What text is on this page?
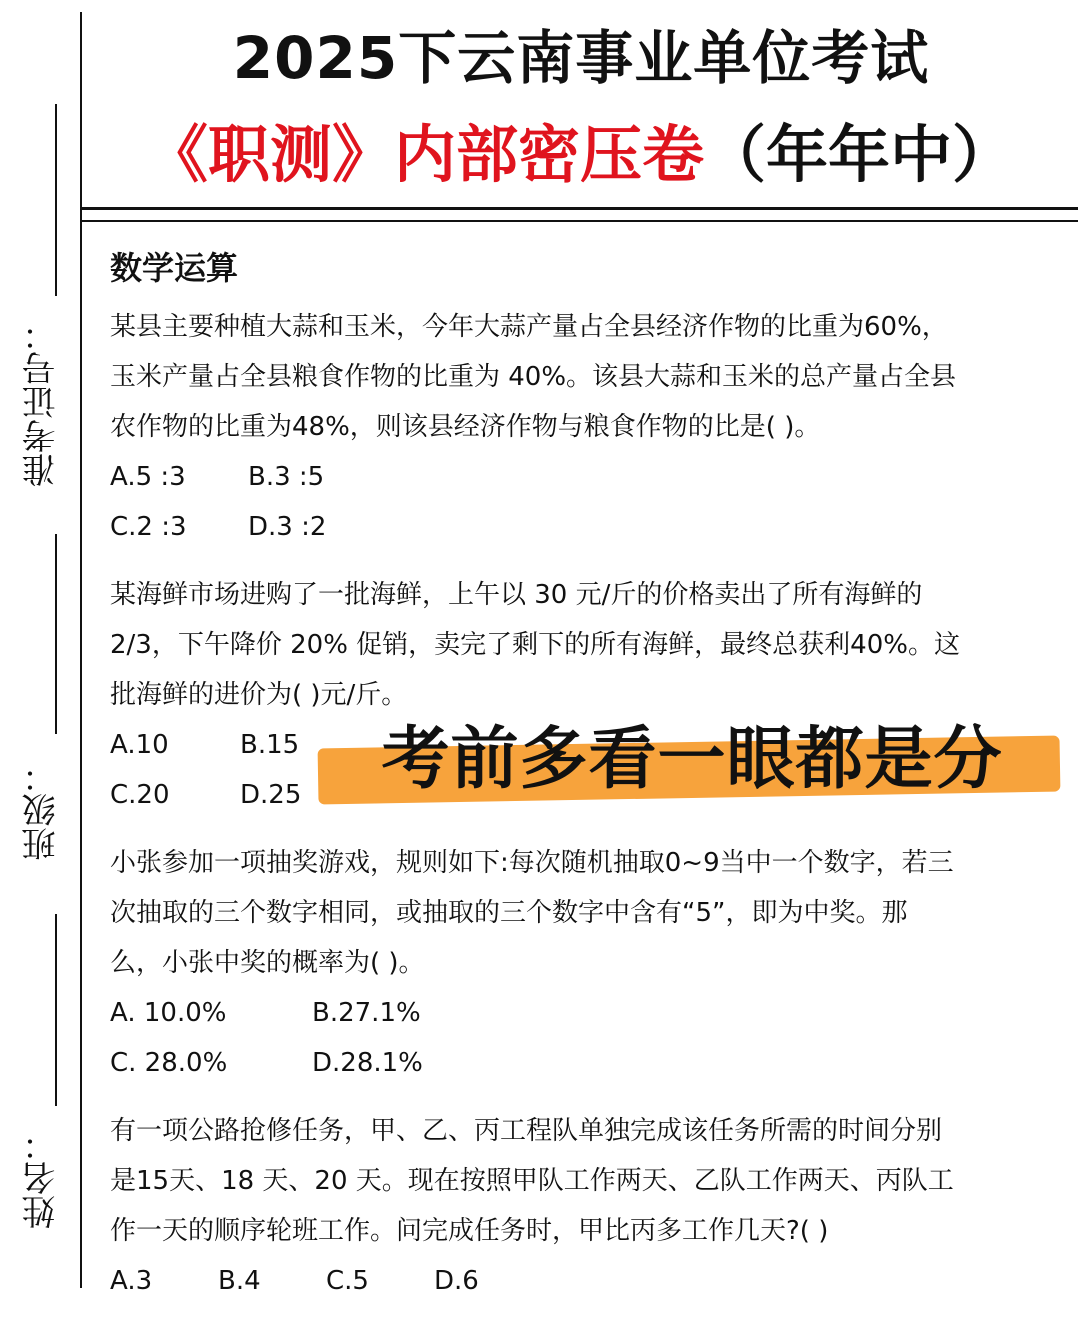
准考证号：
班级：
姓名：
2025下云南事业单位考试
《职测》内部密压卷（年年中）
数学运算

某县主要种植大蒜和玉米，今年大蒜产量占全县经济作物的比重为60%，
玉米产量占全县粮食作物的比重为 40%。该县大蒜和玉米的总产量占全县
农作物的比重为48%，则该县经济作物与粮食作物的比是( )。

A.5 :3	B.3 :5
C.2 :3	D.3 :2

某海鲜市场进购了一批海鲜，上午以 30 元/斤的价格卖出了所有海鲜的
2/3，下午降价 20% 促销，卖完了剩下的所有海鲜，最终总获利40%。这
批海鲜的进价为( )元/斤。

A.10	B.15
C.20	D.25

小张参加一项抽奖游戏，规则如下:每次随机抽取0~9当中一个数字，若三
次抽取的三个数字相同，或抽取的三个数字中含有“5”，即为中奖。那
么，小张中奖的概率为( )。

A. 10.0%	B.27.1%
C. 28.0%	D.28.1%

有一项公路抢修任务，甲、乙、丙工程队单独完成该任务所需的时间分别
是15天、18 天、20 天。现在按照甲队工作两天、乙队工作两天、丙队工
作一天的顺序轮班工作。问完成任务时，甲比丙多工作几天?( )

A.3	B.4	C.5	D.6
考前多看一眼都是分
